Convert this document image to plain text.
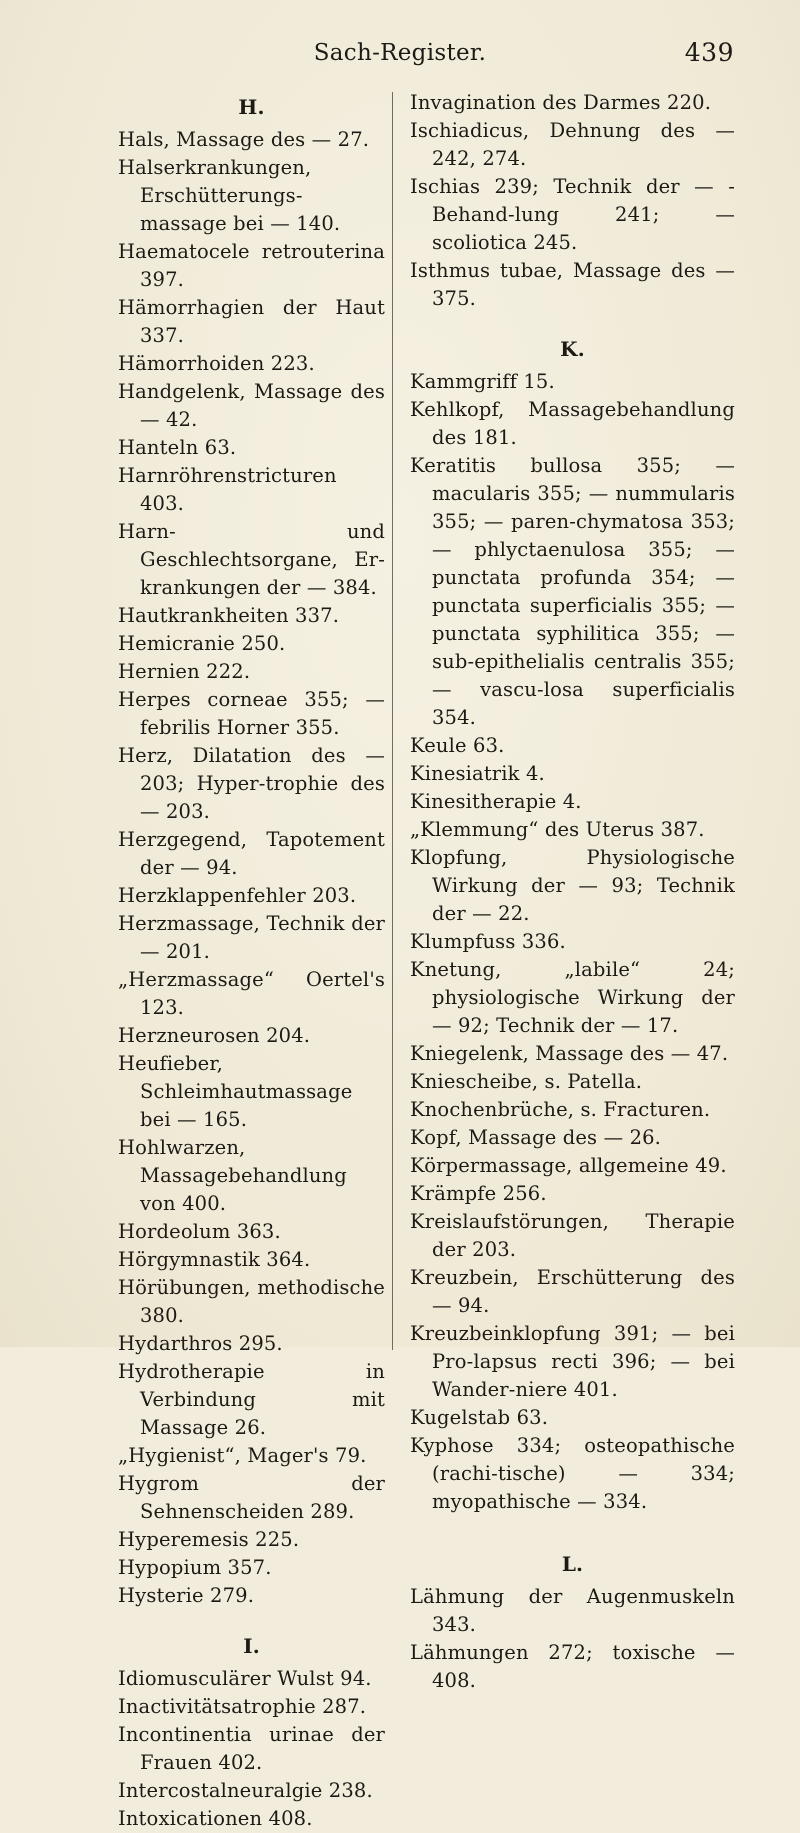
Sach-Register.	439
H.
Hals, Massage des — 27.
Halserkrankungen, Erschütterungs-massage bei — 140.
Haematocele retrouterina 397.
Hämorrhagien der Haut 337.
Hämorrhoiden 223.
Handgelenk, Massage des — 42.
Hanteln 63.
Harnröhrenstricturen 403.
Harn- und Geschlechtsorgane, Er-krankungen der — 384.
Hautkrankheiten 337.
Hemicranie 250.
Hernien 222.
Herpes corneae 355; — febrilis Horner 355.
Herz, Dilatation des — 203; Hyper-trophie des — 203.
Herzgegend, Tapotement der — 94.
Herzklappenfehler 203.
Herzmassage, Technik der — 201.
„Herzmassage“ Oertel's 123.
Herzneurosen 204.
Heufieber, Schleimhautmassage bei — 165.
Hohlwarzen, Massagebehandlung von 400.
Hordeolum 363.
Hörgymnastik 364.
Hörübungen, methodische 380.
Hydarthros 295.
Hydrotherapie in Verbindung mit Massage 26.
„Hygienist“, Mager's 79.
Hygrom der Sehnenscheiden 289.
Hyperemesis 225.
Hypopium 357.
Hysterie 279.
I.
Idiomusculärer Wulst 94.
Inactivitätsatrophie 287.
Incontinentia urinae der Frauen 402.
Intercostalneuralgie 238.
Intoxicationen 408.
Invagination des Darmes 220.
Ischiadicus, Dehnung des — 242, 274.
Ischias 239; Technik der — -Behand-lung 241; — scoliotica 245.
Isthmus tubae, Massage des — 375.
K.
Kammgriff 15.
Kehlkopf, Massagebehandlung des 181.
Keratitis bullosa 355; — macularis 355; — nummularis 355; — paren-chymatosa 353; — phlyctaenulosa 355; — punctata profunda 354; — punctata superficialis 355; — punctata syphilitica 355; — sub-epithelialis centralis 355; — vascu-losa superficialis 354.
Keule 63.
Kinesiatrik 4.
Kinesitherapie 4.
„Klemmung“ des Uterus 387.
Klopfung, Physiologische Wirkung der — 93; Technik der — 22.
Klumpfuss 336.
Knetung, „labile“ 24; physiologische Wirkung der — 92; Technik der — 17.
Kniegelenk, Massage des — 47.
Kniescheibe, s. Patella.
Knochenbrüche, s. Fracturen.
Kopf, Massage des — 26.
Körpermassage, allgemeine 49.
Krämpfe 256.
Kreislaufstörungen, Therapie der 203.
Kreuzbein, Erschütterung des — 94.
Kreuzbeinklopfung 391; — bei Pro-lapsus recti 396; — bei Wander-niere 401.
Kugelstab 63.
Kyphose 334; osteopathische (rachi-tische) — 334; myopathische — 334.
L.
Lähmung der Augenmuskeln 343.
Lähmungen 272; toxische — 408.
